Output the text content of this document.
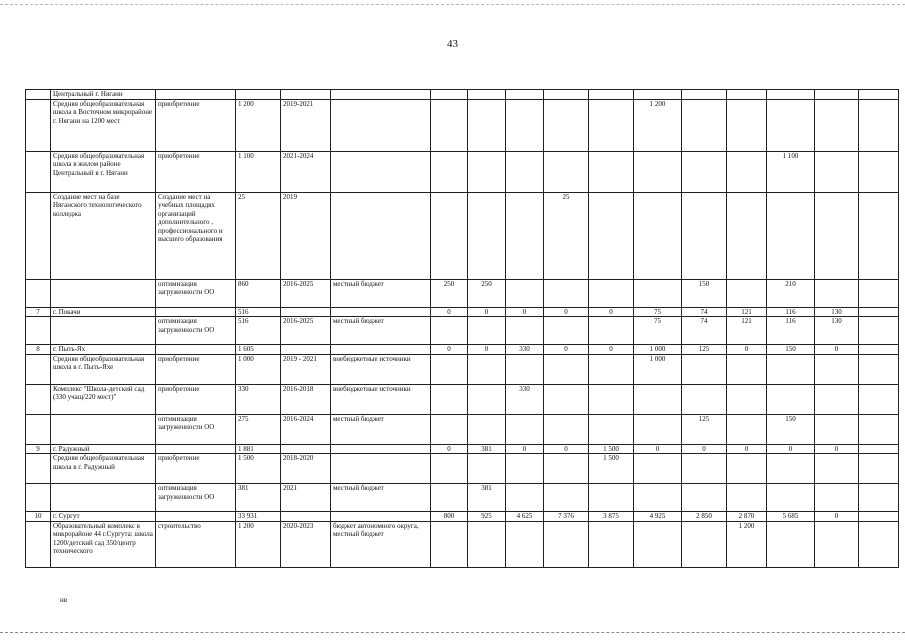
43
	Центральный г. Нягани															
	Средняя общеобразовательная школа в Восточном микрорайоне г. Нягани на 1200 мест	приобретение	1 200	2019-2021							1 200					
	Средняя общеобразовательная школа в жилом районе Центральный в г. Нягани	приобретение	1 100	2021-2024										1 100		
	Создание мест на базе Няганского технологического колледжа	Создание мест на учебных площадях организаций дополнительного , профессионального и высшего образования	25	2019					25							
		оптимизация загруженности ОО	860	2016-2025	местный бюджет	250	250					150		210		
7	г. Покачи		516			0	0	0	0	0	75	74	121	116	130	
		оптимизация загруженности ОО	516	2016-2025	местный бюджет						75	74	121	116	130	
8	г. Пыть-Ях		1 605			0	0	330	0	0	1 000	125	0	150	0	
	Средняя общеобразовательная школа в г. Пыть-Яхе	приобретение	1 000	2019 - 2021	внебюджетные источники						1 000					
	Комплекс "Школа-детский сад (330 учащ/220 мест)"	приобретение	330	2016-2018	внебюджетные источники			330								
		оптимизация загруженности ОО	275	2016-2024	местный бюджет							125		150		
9	г. Радужный		1 881			0	381	0	0	1 500	0	0	0	0	0	
	Средняя общеобразовательная школа в г. Радужный	приобретение	1 500	2018-2020						1 500						
		оптимизация загруженности ОО	381	2021	местный бюджет		381									
10	г. Сургут		33 931			800	925	4 625	7 376	3 875	4 925	2 850	2 870	5 685	0	
	Образовательный комплекс в микрорайоне 44 г.Сургута: школа 1200/детский сад 350/центр технического	строительство	1 200	2020-2023	бюджет автономного округа, местный бюджет								1 200			
нв
